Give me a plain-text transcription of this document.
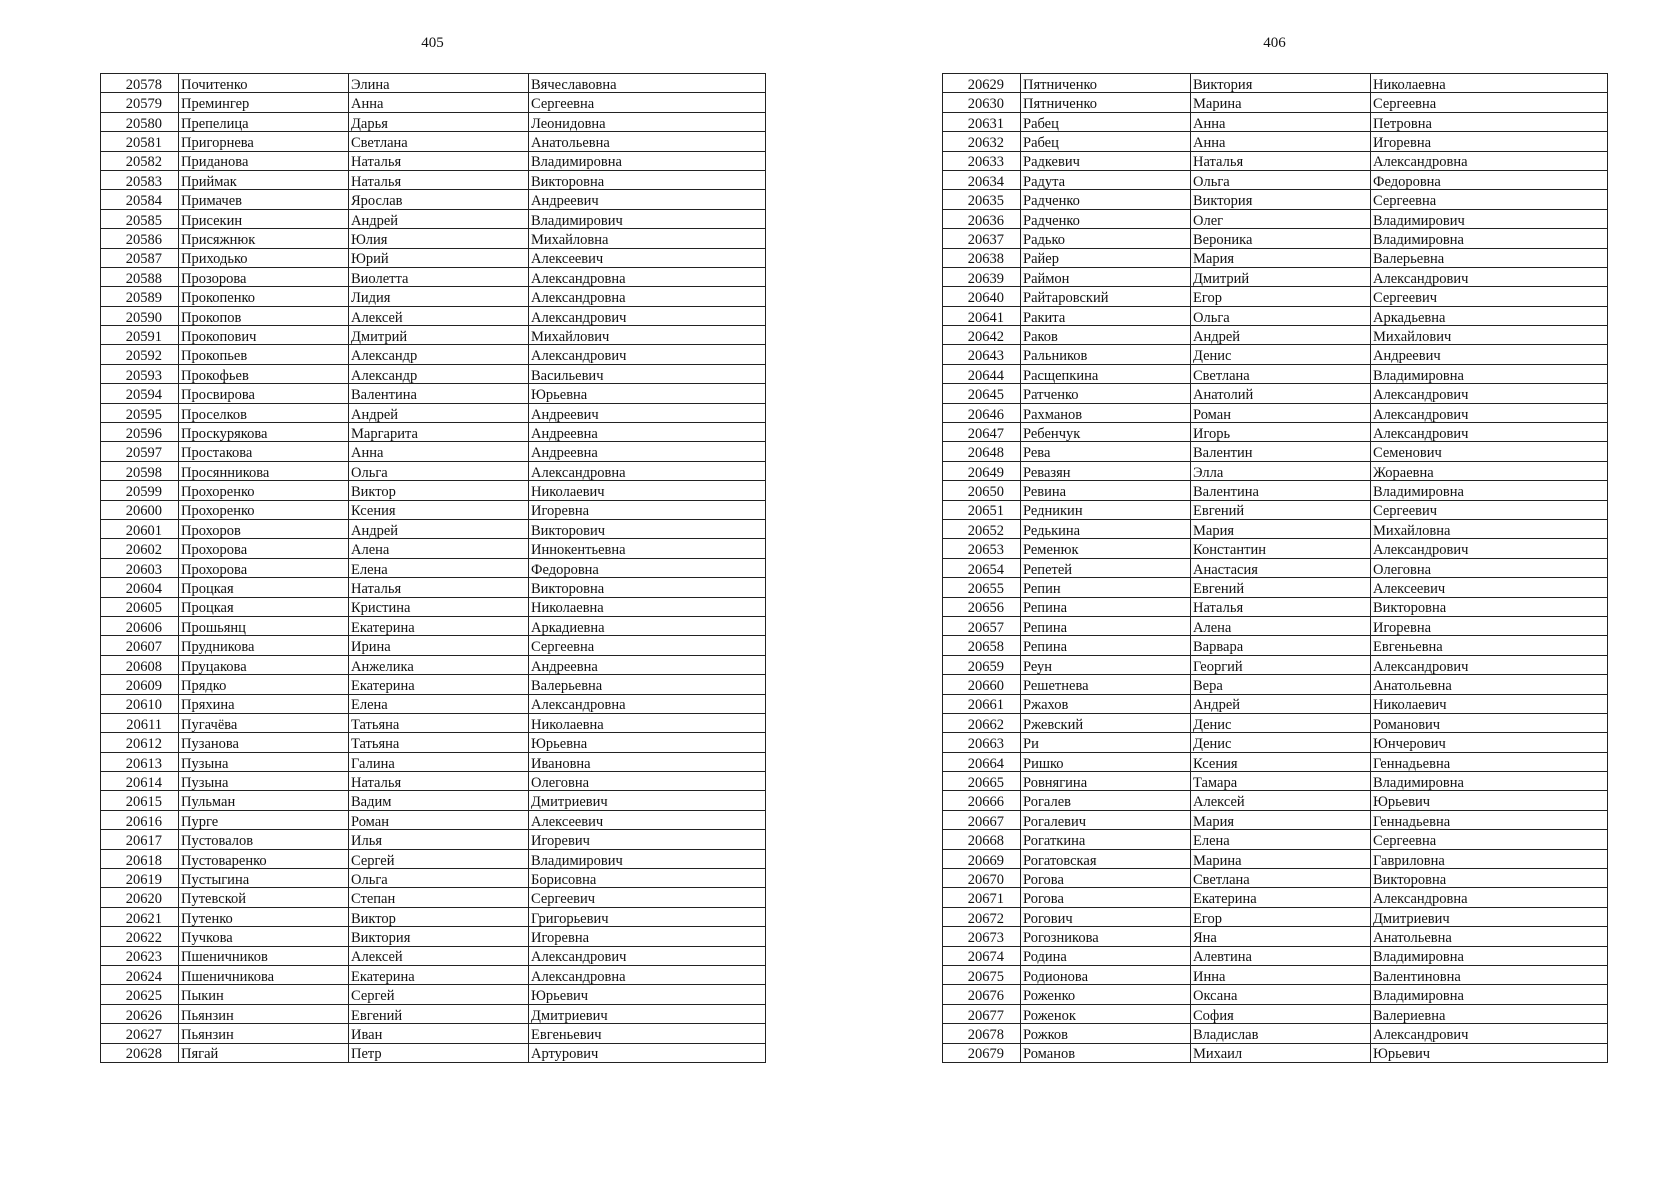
405
20578	Почитенко	Элина	Вячеславовна
20579	Премингер	Анна	Сергеевна
20580	Препелица	Дарья	Леонидовна
20581	Пригорнева	Светлана	Анатольевна
20582	Приданова	Наталья	Владимировна
20583	Приймак	Наталья	Викторовна
20584	Примачев	Ярослав	Андреевич
20585	Присекин	Андрей	Владимирович
20586	Присяжнюк	Юлия	Михайловна
20587	Приходько	Юрий	Алексеевич
20588	Прозорова	Виолетта	Александровна
20589	Прокопенко	Лидия	Александровна
20590	Прокопов	Алексей	Александрович
20591	Прокопович	Дмитрий	Михайлович
20592	Прокопьев	Александр	Александрович
20593	Прокофьев	Александр	Васильевич
20594	Просвирова	Валентина	Юрьевна
20595	Проселков	Андрей	Андреевич
20596	Проскурякова	Маргарита	Андреевна
20597	Простакова	Анна	Андреевна
20598	Просянникова	Ольга	Александровна
20599	Прохоренко	Виктор	Николаевич
20600	Прохоренко	Ксения	Игоревна
20601	Прохоров	Андрей	Викторович
20602	Прохорова	Алена	Иннокентьевна
20603	Прохорова	Елена	Федоровна
20604	Процкая	Наталья	Викторовна
20605	Процкая	Кристина	Николаевна
20606	Прошьянц	Екатерина	Аркадиевна
20607	Прудникова	Ирина	Сергеевна
20608	Пруцакова	Анжелика	Андреевна
20609	Прядко	Екатерина	Валерьевна
20610	Пряхина	Елена	Александровна
20611	Пугачёва	Татьяна	Николаевна
20612	Пузанова	Татьяна	Юрьевна
20613	Пузына	Галина	Ивановна
20614	Пузына	Наталья	Олеговна
20615	Пульман	Вадим	Дмитриевич
20616	Пурге	Роман	Алексеевич
20617	Пустовалов	Илья	Игоревич
20618	Пустоваренко	Сергей	Владимирович
20619	Пустыгина	Ольга	Борисовна
20620	Путевской	Степан	Сергеевич
20621	Путенко	Виктор	Григорьевич
20622	Пучкова	Виктория	Игоревна
20623	Пшеничников	Алексей	Александрович
20624	Пшеничникова	Екатерина	Александровна
20625	Пыкин	Сергей	Юрьевич
20626	Пьянзин	Евгений	Дмитриевич
20627	Пьянзин	Иван	Евгеньевич
20628	Пягай	Петр	Артурович
406
20629	Пятниченко	Виктория	Николаевна
20630	Пятниченко	Марина	Сергеевна
20631	Рабец	Анна	Петровна
20632	Рабец	Анна	Игоревна
20633	Радкевич	Наталья	Александровна
20634	Радута	Ольга	Федоровна
20635	Радченко	Виктория	Сергеевна
20636	Радченко	Олег	Владимирович
20637	Радько	Вероника	Владимировна
20638	Райер	Мария	Валерьевна
20639	Раймон	Дмитрий	Александрович
20640	Райтаровский	Егор	Сергеевич
20641	Ракита	Ольга	Аркадьевна
20642	Раков	Андрей	Михайлович
20643	Ральников	Денис	Андреевич
20644	Расщепкина	Светлана	Владимировна
20645	Ратченко	Анатолий	Александрович
20646	Рахманов	Роман	Александрович
20647	Ребенчук	Игорь	Александрович
20648	Рева	Валентин	Семенович
20649	Ревазян	Элла	Жораевна
20650	Ревина	Валентина	Владимировна
20651	Редникин	Евгений	Сергеевич
20652	Редькина	Мария	Михайловна
20653	Ременюк	Константин	Александрович
20654	Репетей	Анастасия	Олеговна
20655	Репин	Евгений	Алексеевич
20656	Репина	Наталья	Викторовна
20657	Репина	Алена	Игоревна
20658	Репина	Варвара	Евгеньевна
20659	Реун	Георгий	Александрович
20660	Решетнева	Вера	Анатольевна
20661	Ржахов	Андрей	Николаевич
20662	Ржевский	Денис	Романович
20663	Ри	Денис	Юнчерович
20664	Ришко	Ксения	Геннадьевна
20665	Ровнягина	Тамара	Владимировна
20666	Рогалев	Алексей	Юрьевич
20667	Рогалевич	Мария	Геннадьевна
20668	Рогаткина	Елена	Сергеевна
20669	Рогатовская	Марина	Гавриловна
20670	Рогова	Светлана	Викторовна
20671	Рогова	Екатерина	Александровна
20672	Рогович	Егор	Дмитриевич
20673	Рогозникова	Яна	Анатольевна
20674	Родина	Алевтина	Владимировна
20675	Родионова	Инна	Валентиновна
20676	Роженко	Оксана	Владимировна
20677	Роженок	София	Валериевна
20678	Рожков	Владислав	Александрович
20679	Романов	Михаил	Юрьевич
